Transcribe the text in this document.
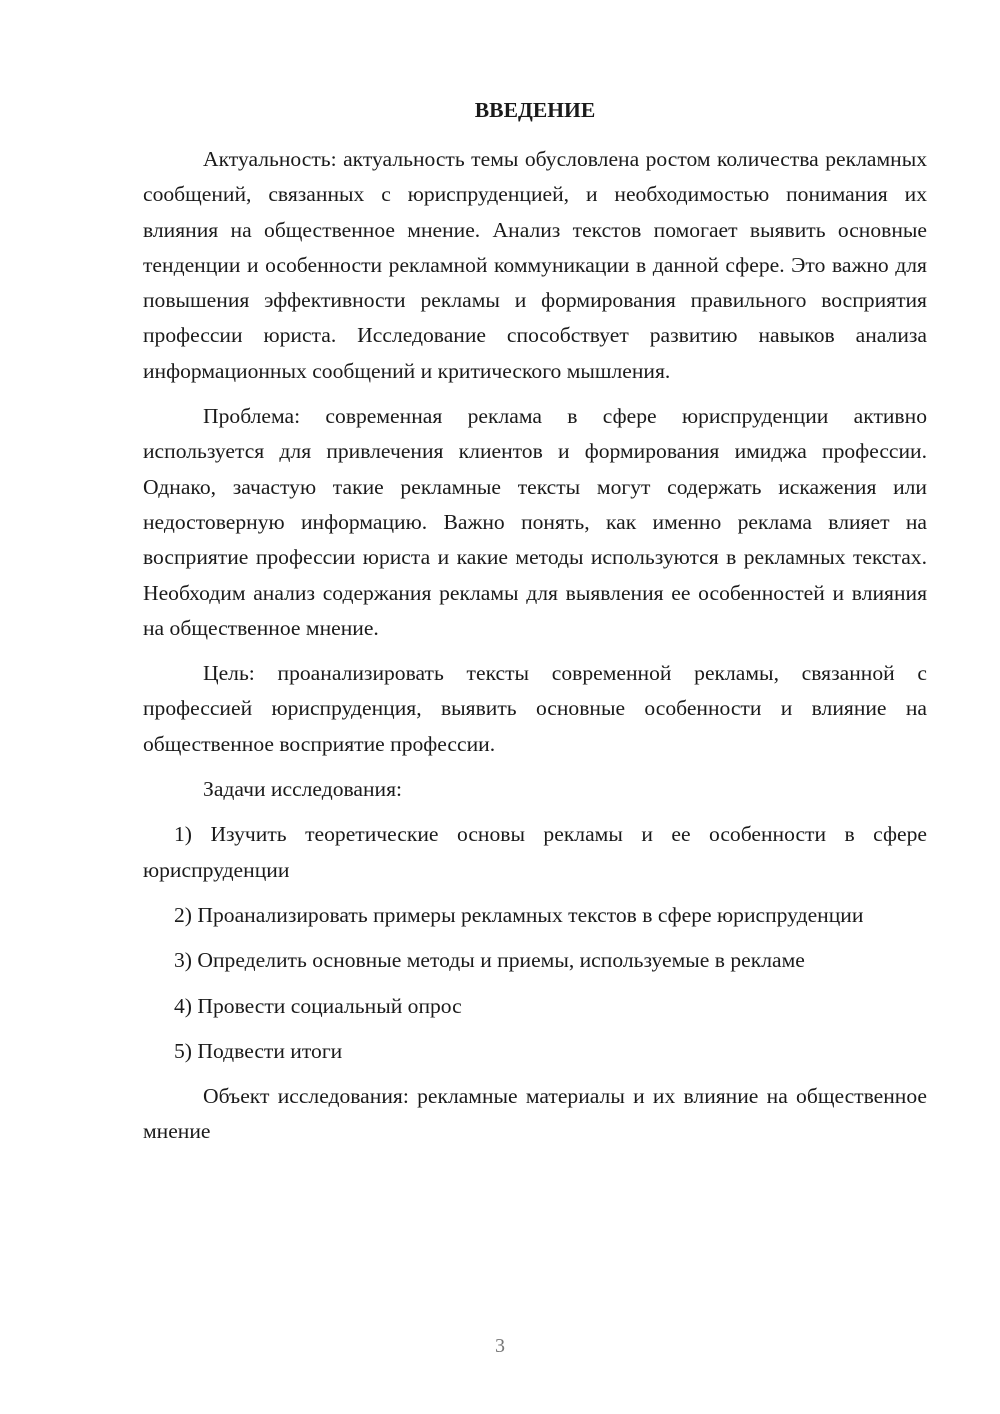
ВВЕДЕНИЕ

Актуальность: актуальность темы обусловлена ростом количества рекламных сообщений, связанных с юриспруденцией, и необходимостью понимания их влияния на общественное мнение. Анализ текстов помогает выявить основные тенденции и особенности рекламной коммуникации в данной сфере. Это важно для повышения эффективности рекламы и формирования правильного восприятия профессии юриста. Исследование способствует развитию навыков анализа информационных сообщений и критического мышления.

Проблема: современная реклама в сфере юриспруденции активно используется для привлечения клиентов и формирования имиджа профессии. Однако, зачастую такие рекламные тексты могут содержать искажения или недостоверную информацию. Важно понять, как именно реклама влияет на восприятие профессии юриста и какие методы используются в рекламных текстах. Необходим анализ содержания рекламы для выявления ее особенностей и влияния на общественное мнение.

Цель: проанализировать тексты современной рекламы, связанной с профессией юриспруденция, выявить основные особенности и влияние на общественное восприятие профессии.

Задачи исследования:

1) Изучить теоретические основы рекламы и ее особенности в сфере юриспруденции

2) Проанализировать примеры рекламных текстов в сфере юриспруденции

3) Определить основные методы и приемы, используемые в рекламе

4) Провести социальный опрос

5) Подвести итоги

Объект исследования: рекламные материалы и их влияние на общественное мнение

3
